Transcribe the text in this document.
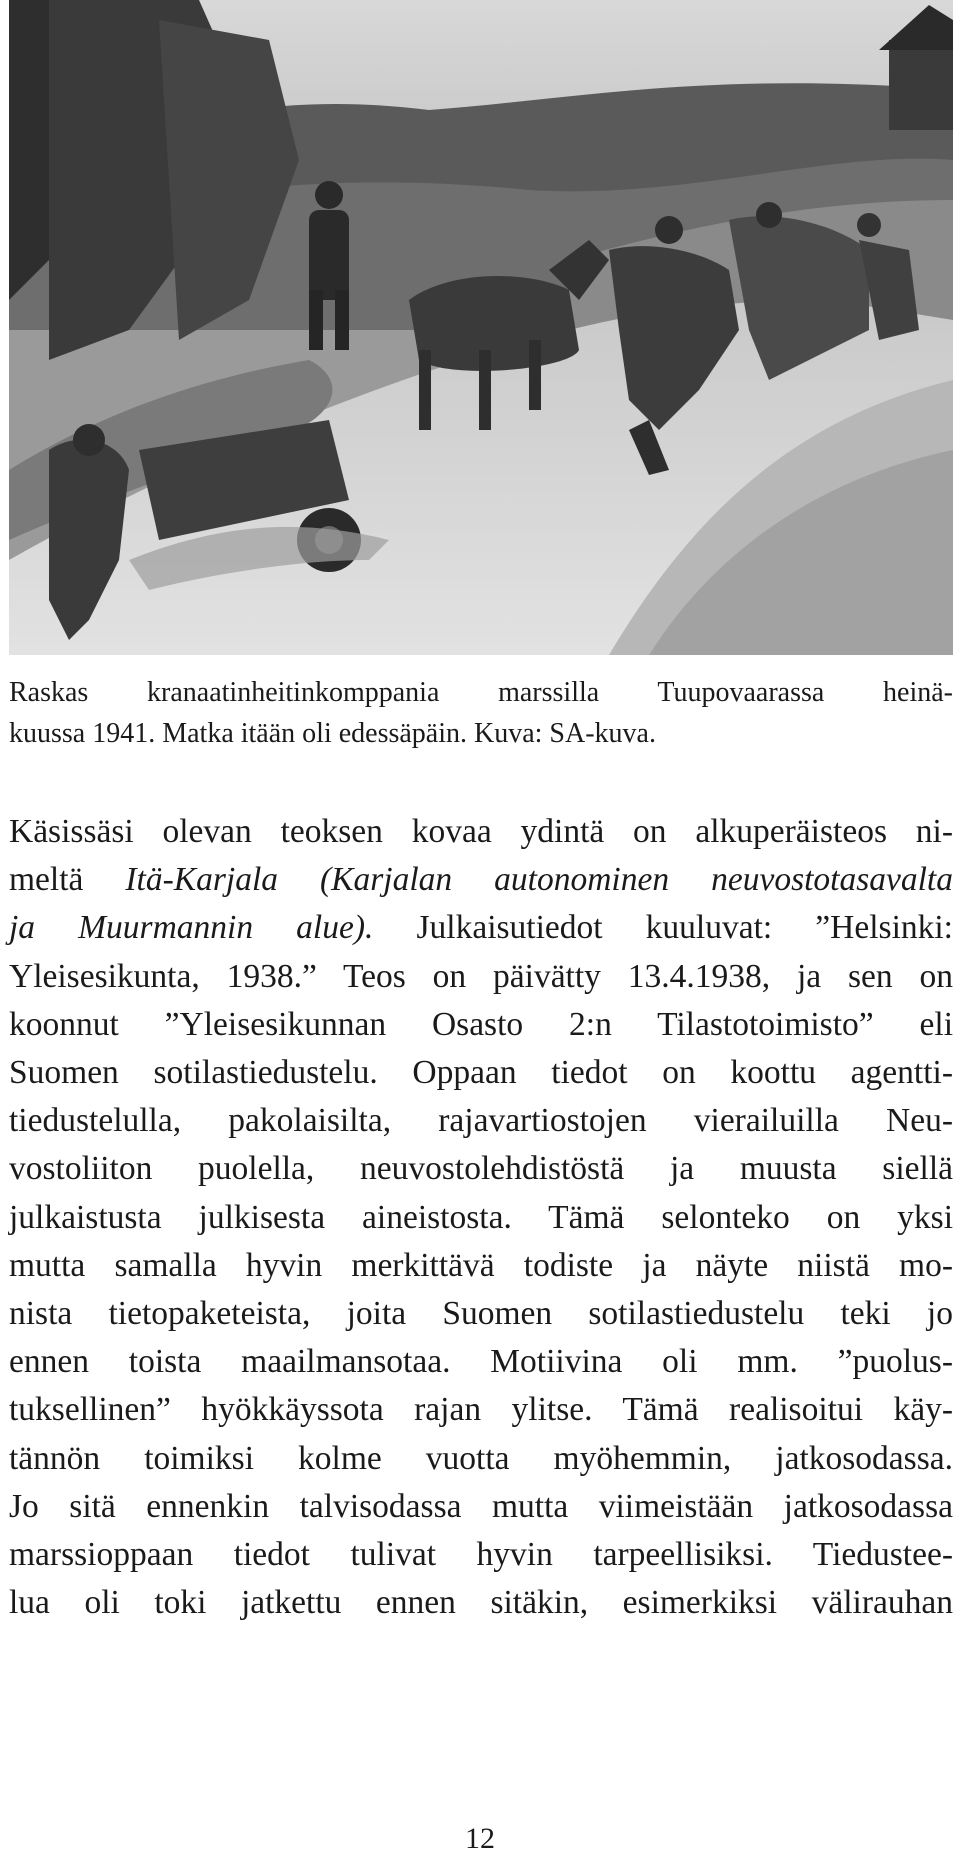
Raskas kranaatinheitinkomppania marssilla Tuupovaarassa heinä-
kuussa 1941. Matka itään oli edessäpäin. Kuva: SA-kuva.
Käsissäsi olevan teoksen kovaa ydintä on alkuperäisteos ni-
meltä Itä-Karjala (Karjalan autonominen neuvostotasavalta
ja Muurmannin alue). Julkaisutiedot kuuluvat: ”Helsinki:
Yleisesikunta, 1938.” Teos on päivätty 13.4.1938, ja sen on
koonnut ”Yleisesikunnan Osasto 2:n Tilastotoimisto” eli
Suomen sotilastiedustelu. Oppaan tiedot on koottu agentti-
tiedustelulla, pakolaisilta, rajavartiostojen vierailuilla Neu-
vostoliiton puolella, neuvostolehdistöstä ja muusta siellä
julkaistusta julkisesta aineistosta. Tämä selonteko on yksi
mutta samalla hyvin merkittävä todiste ja näyte niistä mo-
nista tietopaketeista, joita Suomen sotilastiedustelu teki jo
ennen toista maailmansotaa. Motiivina oli mm. ”puolus-
tuksellinen” hyökkäyssota rajan ylitse. Tämä realisoitui käy-
tännön toimiksi kolme vuotta myöhemmin, jatkosodassa.
Jo sitä ennenkin talvisodassa mutta viimeistään jatkosodassa
marssioppaan tiedot tulivat hyvin tarpeellisiksi. Tiedustee-
lua oli toki jatkettu ennen sitäkin, esimerkiksi välirauhan
12
